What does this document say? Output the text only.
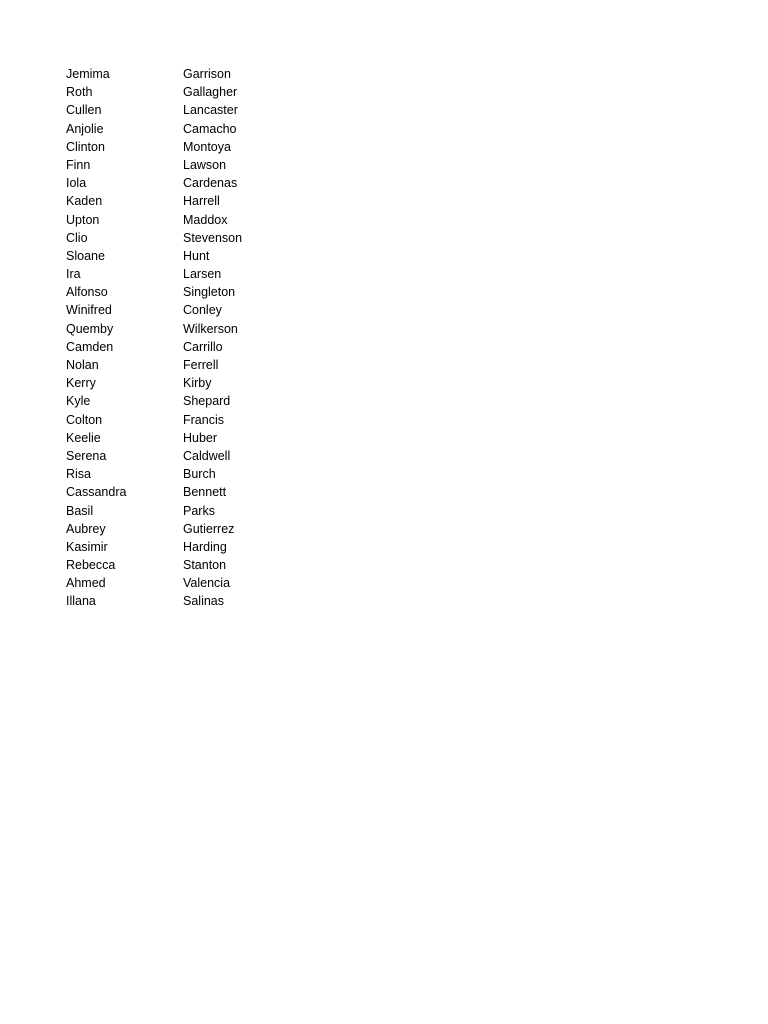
Jemima	Garrison
Roth	Gallagher
Cullen	Lancaster
Anjolie	Camacho
Clinton	Montoya
Finn	Lawson
Iola	Cardenas
Kaden	Harrell
Upton	Maddox
Clio	Stevenson
Sloane	Hunt
Ira	Larsen
Alfonso	Singleton
Winifred	Conley
Quemby	Wilkerson
Camden	Carrillo
Nolan	Ferrell
Kerry	Kirby
Kyle	Shepard
Colton	Francis
Keelie	Huber
Serena	Caldwell
Risa	Burch
Cassandra	Bennett
Basil	Parks
Aubrey	Gutierrez
Kasimir	Harding
Rebecca	Stanton
Ahmed	Valencia
Illana	Salinas
